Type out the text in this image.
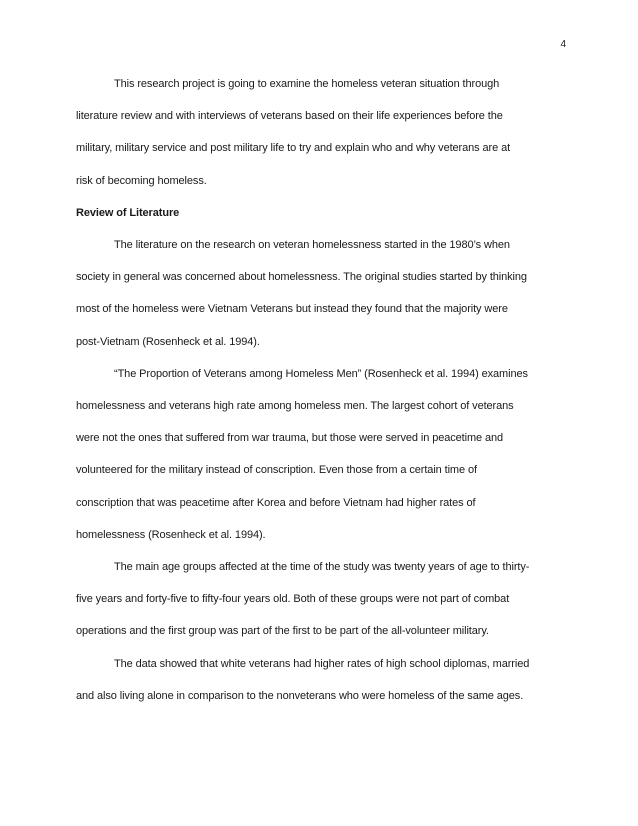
4
This research project is going to examine the homeless veteran situation through
literature review and with interviews of veterans based on their life experiences before the
military, military service and post military life to try and explain who and why veterans are at
risk of becoming homeless.
Review of Literature
The literature on the research on veteran homelessness started in the 1980’s when
society in general was concerned about homelessness. The original studies started by thinking
most of the homeless were Vietnam Veterans but instead they found that the majority were
post-Vietnam (Rosenheck et al. 1994).
“The Proportion of Veterans among Homeless Men” (Rosenheck et al. 1994) examines
homelessness and veterans high rate among homeless men. The largest cohort of veterans
were not the ones that suffered from war trauma, but those were served in peacetime and
volunteered for the military instead of conscription. Even those from a certain time of
conscription that was peacetime after Korea and before Vietnam had higher rates of
homelessness (Rosenheck et al. 1994).
The main age groups affected at the time of the study was twenty years of age to thirty-
five years and forty-five to fifty-four years old. Both of these groups were not part of combat
operations and the first group was part of the first to be part of the all-volunteer military.
The data showed that white veterans had higher rates of high school diplomas, married
and also living alone in comparison to the nonveterans who were homeless of the same ages.
